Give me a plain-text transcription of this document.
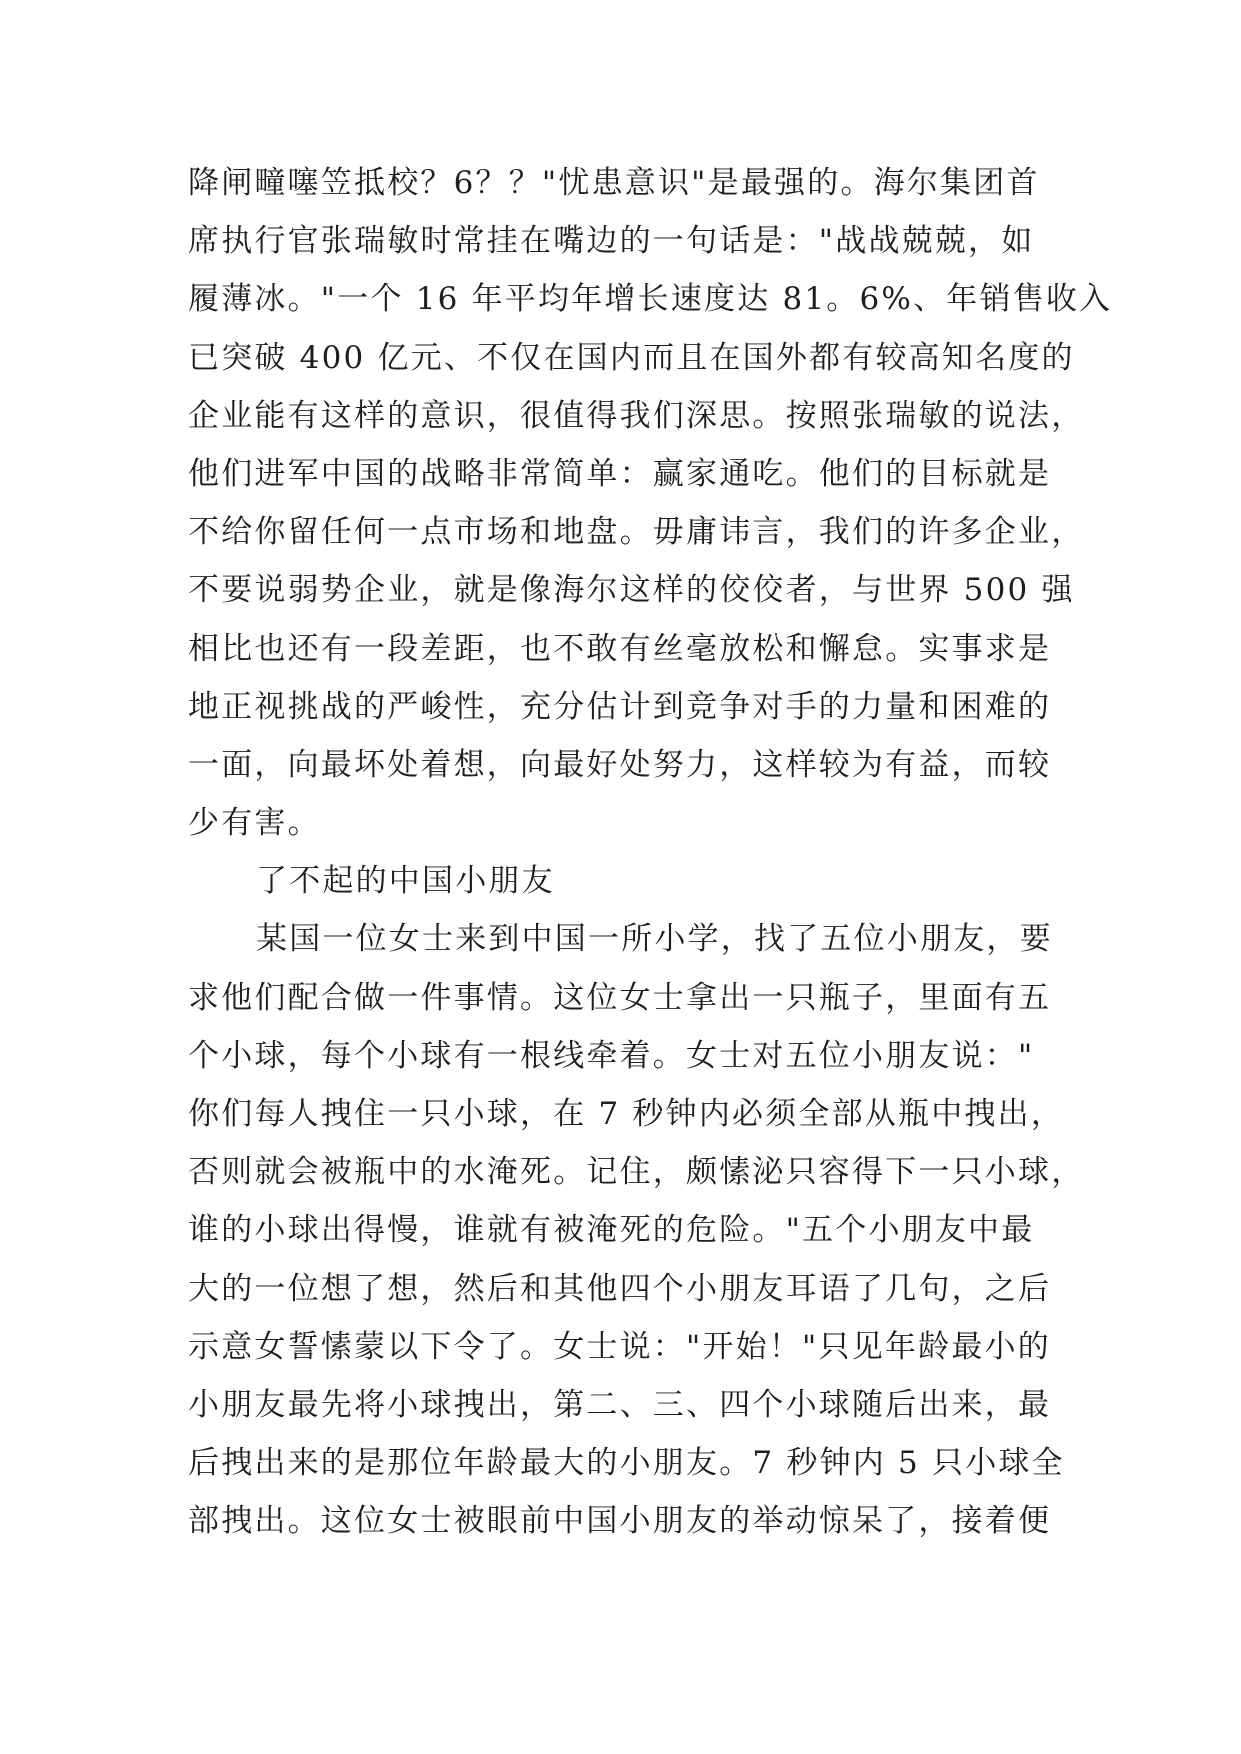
降闸疃噻笠抵校？6？？"忧患意识"是最强的。海尔集团首
席执行官张瑞敏时常挂在嘴边的一句话是："战战兢兢，如
履薄冰。"一个 16 年平均年增长速度达 81。6%、年销售收入
已突破 400 亿元、不仅在国内而且在国外都有较高知名度的
企业能有这样的意识，很值得我们深思。按照张瑞敏的说法，
他们进军中国的战略非常简单：赢家通吃。他们的目标就是
不给你留任何一点市场和地盘。毋庸讳言，我们的许多企业，
不要说弱势企业，就是像海尔这样的佼佼者，与世界 500 强
相比也还有一段差距，也不敢有丝毫放松和懈怠。实事求是
地正视挑战的严峻性，充分估计到竞争对手的力量和困难的
一面，向最坏处着想，向最好处努力，这样较为有益，而较
少有害。
了不起的中国小朋友
某国一位女士来到中国一所小学，找了五位小朋友，要
求他们配合做一件事情。这位女士拿出一只瓶子，里面有五
个小球，每个小球有一根线牵着。女士对五位小朋友说："
你们每人拽住一只小球，在 7 秒钟内必须全部从瓶中拽出，
否则就会被瓶中的水淹死。记住，颇愫泌只容得下一只小球，
谁的小球出得慢，谁就有被淹死的危险。"五个小朋友中最
大的一位想了想，然后和其他四个小朋友耳语了几句，之后
示意女誓愫蒙以下令了。女士说："开始！"只见年龄最小的
小朋友最先将小球拽出，第二、三、四个小球随后出来，最
后拽出来的是那位年龄最大的小朋友。7 秒钟内 5 只小球全
部拽出。这位女士被眼前中国小朋友的举动惊呆了，接着便
